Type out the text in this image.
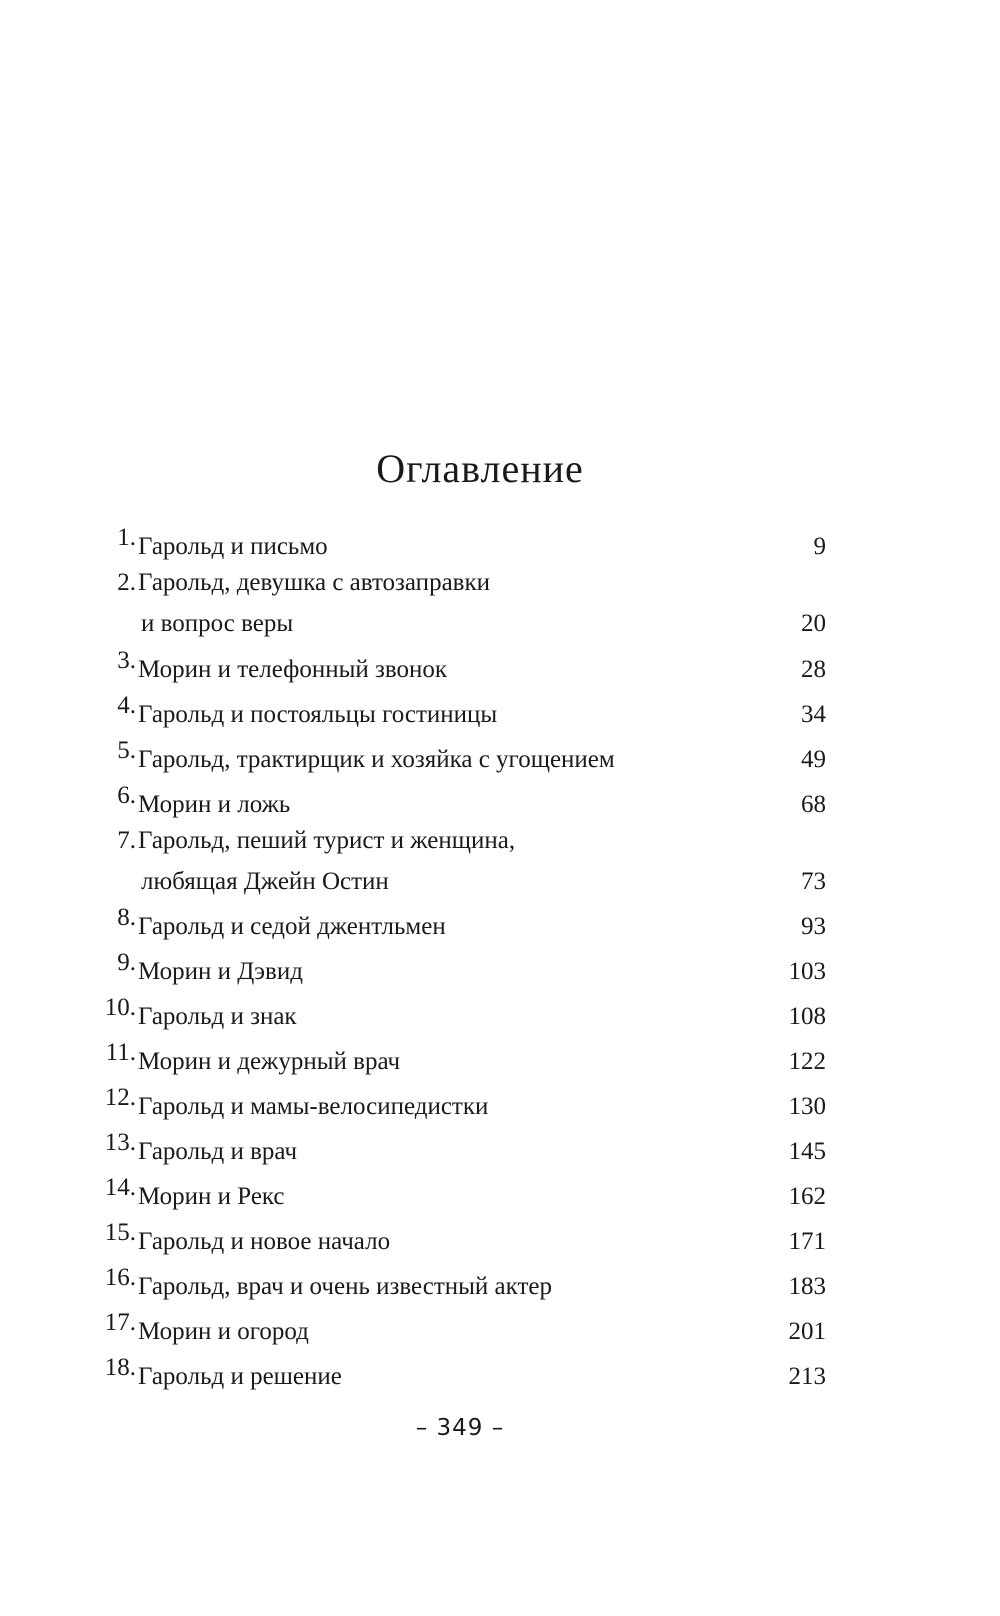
Оглавление
1. Гарольд и письмо	9
2. Гарольд, девушка с автозаправки
и вопрос веры	20
3. Морин и телефонный звонок	28
4. Гарольд и постояльцы гостиницы	34
5. Гарольд, трактирщик и хозяйка с угощением	49
6. Морин и ложь	68
7. Гарольд, пеший турист и женщина,
любящая Джейн Остин	73
8. Гарольд и седой джентльмен	93
9. Морин и Дэвид	103
10. Гарольд и знак	108
11. Морин и дежурный врач	122
12. Гарольд и мамы-велосипедистки	130
13. Гарольд и врач	145
14. Морин и Рекс	162
15. Гарольд и новое начало	171
16. Гарольд, врач и очень известный актер	183
17. Морин и огород	201
18. Гарольд и решение	213
– 349 –
